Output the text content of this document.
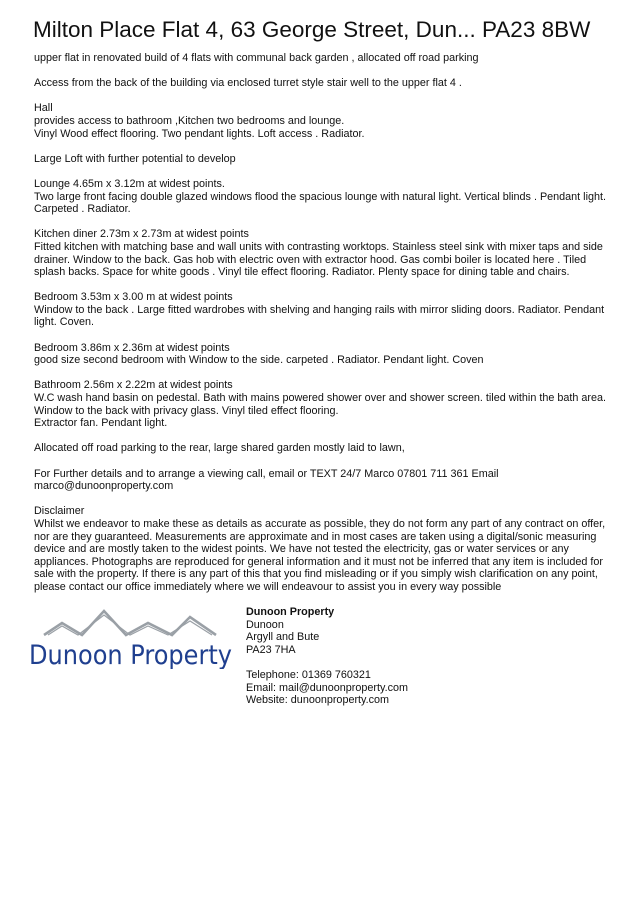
Milton Place Flat 4, 63 George Street, Dun... PA23 8BW
upper flat in renovated build of 4 flats with communal back garden , allocated off road parking
Access from the back of the building via enclosed turret style stair well to the upper flat 4 .
Hall
provides access to bathroom ,Kitchen two bedrooms and lounge.
Vinyl Wood effect flooring. Two pendant lights. Loft access . Radiator.
Large Loft with further potential to develop
Lounge 4.65m x 3.12m at widest points.
Two large front facing double glazed windows flood the spacious lounge with natural light. Vertical blinds . Pendant light. Carpeted . Radiator.
Kitchen diner 2.73m x 2.73m at widest points
Fitted kitchen with matching base and wall units with contrasting worktops. Stainless steel sink with mixer taps and side drainer. Window to the back. Gas hob with electric oven with extractor hood. Gas combi boiler is located here . Tiled splash backs. Space for white goods . Vinyl tile effect flooring. Radiator. Plenty space for dining table and chairs.
Bedroom 3.53m x 3.00 m at widest points
Window to the back . Large fitted wardrobes with shelving and hanging rails with mirror sliding doors. Radiator. Pendant light. Coven.
Bedroom 3.86m x 2.36m at widest points
good size second bedroom with Window to the side. carpeted . Radiator. Pendant light. Coven
Bathroom 2.56m x 2.22m at widest points
W.C wash hand basin on pedestal. Bath with mains powered shower over and shower screen. tiled within the bath area. Window to the back with privacy glass. Vinyl tiled effect flooring.
Extractor fan. Pendant light.
Allocated off road parking to the rear, large shared garden mostly laid to lawn,
For Further details and to arrange a viewing call, email or TEXT 24/7 Marco 07801 711 361 Email marco@dunoonproperty.com
Disclaimer
Whilst we endeavor to make these as details as accurate as possible, they do not form any part of any contract on offer, nor are they guaranteed. Measurements are approximate and in most cases are taken using a digital/sonic measuring device and are mostly taken to the widest points. We have not tested the electricity, gas or water services or any appliances. Photographs are reproduced for general information and it must not be inferred that any item is included for sale with the property. If there is any part of this that you find misleading or if you simply wish clarification on any point, please contact our office immediately where we will endeavour to assist you in every way possible
Dunoon Property
Dunoon Property
Dunoon
Argyll and Bute
PA23 7HA
Telephone: 01369 760321
Email: mail@dunoonproperty.com
Website: dunoonproperty.com
